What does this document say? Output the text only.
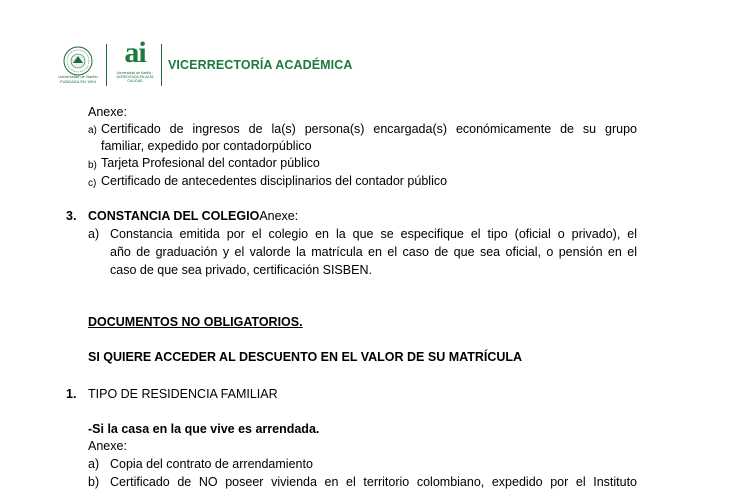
Universidad de Nariño
FUNDADA EN 1904
ai
Universidad de Nariño · ACREDITADA EN ALTA CALIDAD
VICERRECTORÍA ACADÉMICA
Anexe:
a) Certificado de ingresos de la(s) persona(s) encargada(s) económicamente de su grupo
familiar, expedido por contadorpúblico
b) Tarjeta Profesional del contador público
c) Certificado de antecedentes disciplinarios del contador público
3. CONSTANCIA DEL COLEGIOAnexe:
a) Constancia emitida por el colegio en la que se especifique el tipo (oficial o privado), el
año de graduación y el valorde la matrícula en el caso de que sea oficial, o pensión en el
caso de que sea privado, certificación SISBEN.
DOCUMENTOS NO OBLIGATORIOS.
SI QUIERE ACCEDER AL DESCUENTO EN EL VALOR DE SU MATRÍCULA
1. TIPO DE RESIDENCIA FAMILIAR
-Si la casa en la que vive es arrendada.
Anexe:
a) Copia del contrato de arrendamiento
b) Certificado de NO poseer vivienda en el territorio colombiano, expedido por el Instituto
